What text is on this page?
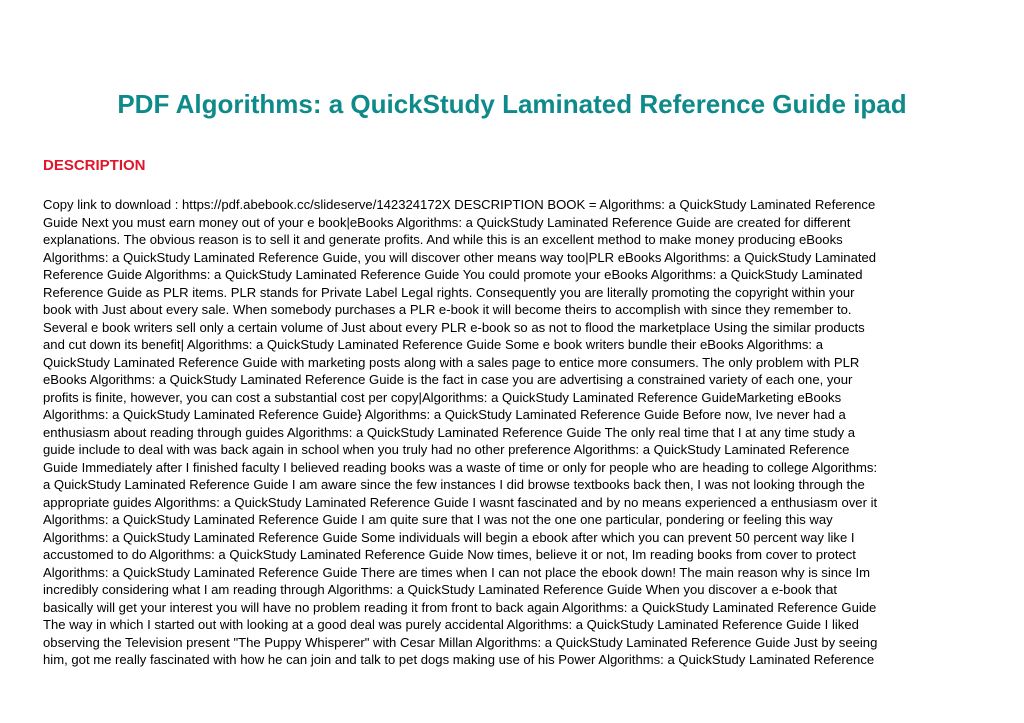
PDF Algorithms: a QuickStudy Laminated Reference Guide ipad
DESCRIPTION
Copy link to download : https://pdf.abebook.cc/slideserve/142324172X DESCRIPTION BOOK = Algorithms: a QuickStudy Laminated Reference
Guide Next you must earn money out of your e book|eBooks Algorithms: a QuickStudy Laminated Reference Guide are created for different
explanations. The obvious reason is to sell it and generate profits. And while this is an excellent method to make money producing eBooks
Algorithms: a QuickStudy Laminated Reference Guide, you will discover other means way too|PLR eBooks Algorithms: a QuickStudy Laminated
Reference Guide Algorithms: a QuickStudy Laminated Reference Guide You could promote your eBooks Algorithms: a QuickStudy Laminated
Reference Guide as PLR items. PLR stands for Private Label Legal rights. Consequently you are literally promoting the copyright within your
book with Just about every sale. When somebody purchases a PLR e-book it will become theirs to accomplish with since they remember to.
Several e book writers sell only a certain volume of Just about every PLR e-book so as not to flood the marketplace Using the similar products
and cut down its benefit| Algorithms: a QuickStudy Laminated Reference Guide Some e book writers bundle their eBooks Algorithms: a
QuickStudy Laminated Reference Guide with marketing posts along with a sales page to entice more consumers. The only problem with PLR
eBooks Algorithms: a QuickStudy Laminated Reference Guide is the fact in case you are advertising a constrained variety of each one, your
profits is finite, however, you can cost a substantial cost per copy|Algorithms: a QuickStudy Laminated Reference GuideMarketing eBooks
Algorithms: a QuickStudy Laminated Reference Guide} Algorithms: a QuickStudy Laminated Reference Guide Before now, Ive never had a
enthusiasm about reading through guides Algorithms: a QuickStudy Laminated Reference Guide The only real time that I at any time study a
guide include to deal with was back again in school when you truly had no other preference Algorithms: a QuickStudy Laminated Reference
Guide Immediately after I finished faculty I believed reading books was a waste of time or only for people who are heading to college Algorithms:
a QuickStudy Laminated Reference Guide I am aware since the few instances I did browse textbooks back then, I was not looking through the
appropriate guides Algorithms: a QuickStudy Laminated Reference Guide I wasnt fascinated and by no means experienced a enthusiasm over it
Algorithms: a QuickStudy Laminated Reference Guide I am quite sure that I was not the one one particular, pondering or feeling this way
Algorithms: a QuickStudy Laminated Reference Guide Some individuals will begin a ebook after which you can prevent 50 percent way like I
accustomed to do Algorithms: a QuickStudy Laminated Reference Guide Now times, believe it or not, Im reading books from cover to protect
Algorithms: a QuickStudy Laminated Reference Guide There are times when I can not place the ebook down! The main reason why is since Im
incredibly considering what I am reading through Algorithms: a QuickStudy Laminated Reference Guide When you discover a e-book that
basically will get your interest you will have no problem reading it from front to back again Algorithms: a QuickStudy Laminated Reference Guide
The way in which I started out with looking at a good deal was purely accidental Algorithms: a QuickStudy Laminated Reference Guide I liked
observing the Television present "The Puppy Whisperer" with Cesar Millan Algorithms: a QuickStudy Laminated Reference Guide Just by seeing
him, got me really fascinated with how he can join and talk to pet dogs making use of his Power Algorithms: a QuickStudy Laminated Reference
